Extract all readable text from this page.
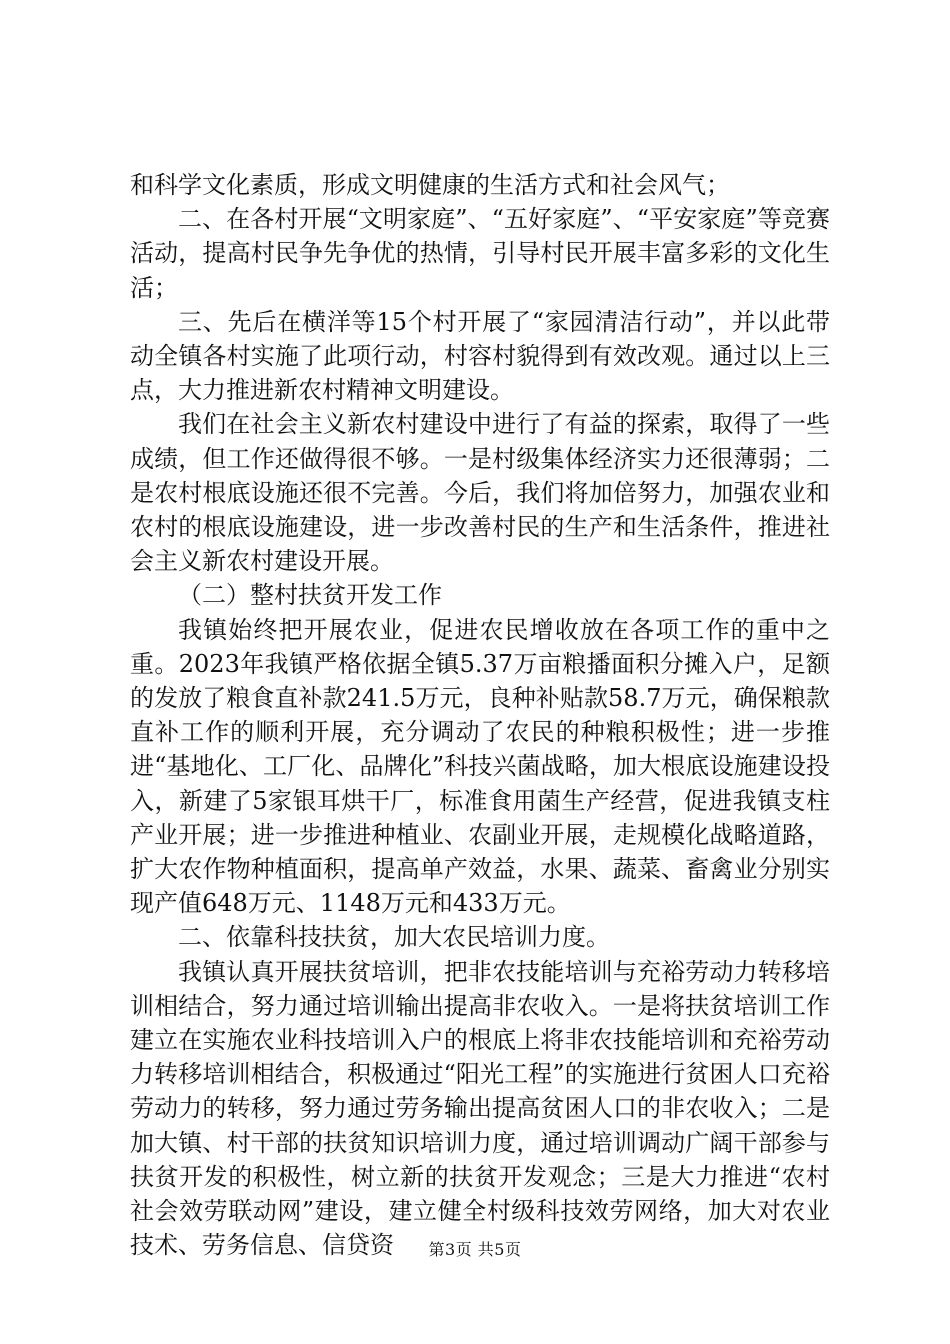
和科学文化素质，形成文明健康的生活方式和社会风气；

二、在各村开展“文明家庭”、“五好家庭”、“平安家庭”等竞赛活动，提高村民争先争优的热情，引导村民开展丰富多彩的文化生活；

三、先后在横洋等15个村开展了“家园清洁行动”，并以此带动全镇各村实施了此项行动，村容村貌得到有效改观。通过以上三点，大力推进新农村精神文明建设。

我们在社会主义新农村建设中进行了有益的探索，取得了一些成绩，但工作还做得很不够。一是村级集体经济实力还很薄弱；二是农村根底设施还很不完善。今后，我们将加倍努力，加强农业和农村的根底设施建设，进一步改善村民的生产和生活条件，推进社会主义新农村建设开展。

（二）整村扶贫开发工作

我镇始终把开展农业，促进农民增收放在各项工作的重中之重。2023年我镇严格依据全镇5.37万亩粮播面积分摊入户，足额的发放了粮食直补款241.5万元，良种补贴款58.7万元，确保粮款直补工作的顺利开展，充分调动了农民的种粮积极性；进一步推进“基地化、工厂化、品牌化”科技兴菌战略，加大根底设施建设投入，新建了5家银耳烘干厂，标准食用菌生产经营，促进我镇支柱产业开展；进一步推进种植业、农副业开展，走规模化战略道路，扩大农作物种植面积，提高单产效益，水果、蔬菜、畜禽业分别实现产值648万元、1148万元和433万元。

二、依靠科技扶贫，加大农民培训力度。

我镇认真开展扶贫培训，把非农技能培训与充裕劳动力转移培训相结合，努力通过培训输出提高非农收入。一是将扶贫培训工作建立在实施农业科技培训入户的根底上将非农技能培训和充裕劳动力转移培训相结合，积极通过“阳光工程”的实施进行贫困人口充裕劳动力的转移，努力通过劳务输出提高贫困人口的非农收入；二是加大镇、村干部的扶贫知识培训力度，通过培训调动广阔干部参与扶贫开发的积极性，树立新的扶贫开发观念；三是大力推进“农村社会效劳联动网”建设，建立健全村级科技效劳网络，加大对农业技术、劳务信息、信贷资	第3页 共5页
